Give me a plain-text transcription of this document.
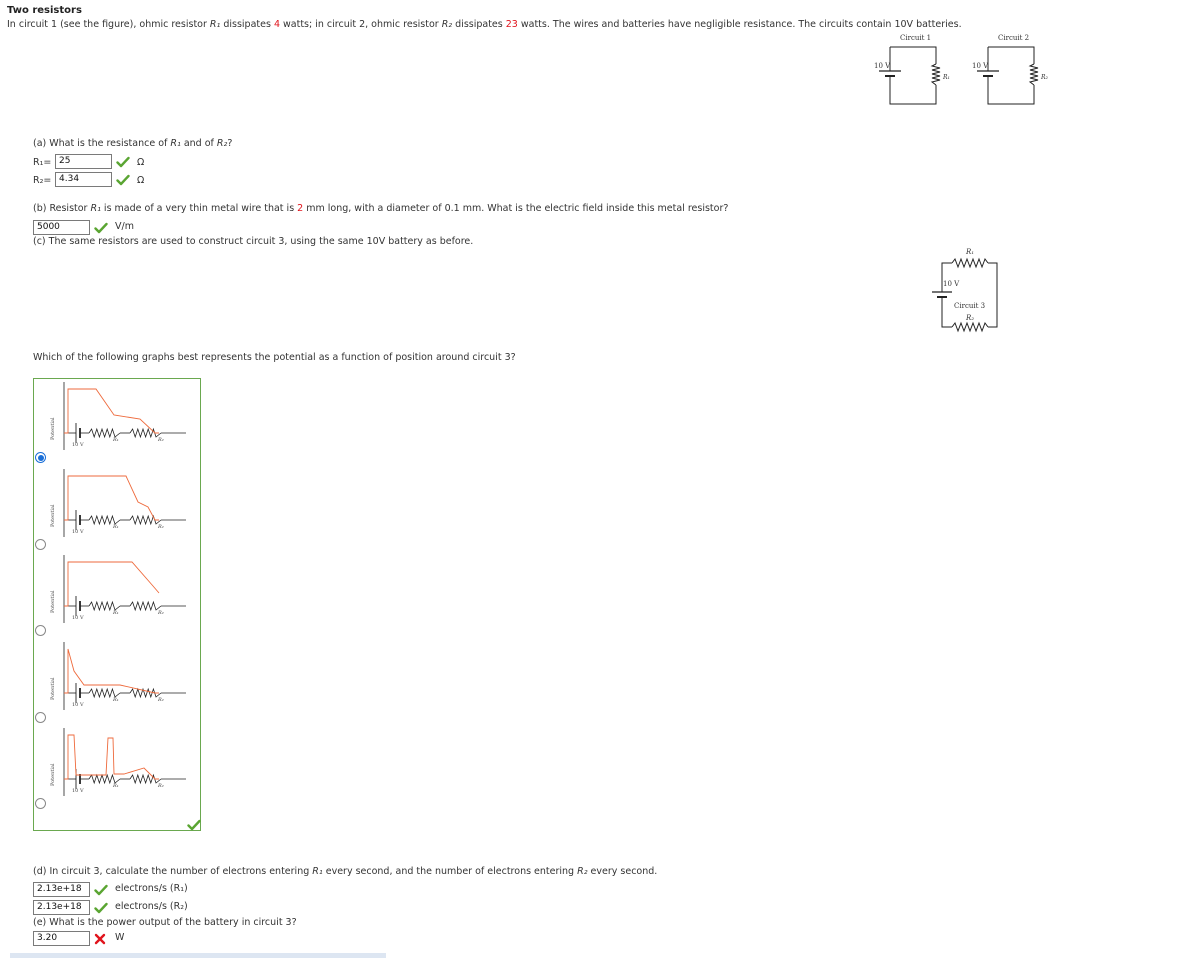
Two resistors
In circuit 1 (see the figure), ohmic resistor R₁ dissipates 4 watts; in circuit 2, ohmic resistor R₂ dissipates 23 watts. The wires and batteries have negligible resistance. The circuits contain 10V batteries.
Circuit 1
10 V
R₁
Circuit 2
10 V
R₂
(a) What is the resistance of R₁ and of R₂?
R₁= 25	Ω
R₂= 4.34	Ω
(b) Resistor R₁ is made of a very thin metal wire that is 2 mm long, with a diameter of 0.1 mm. What is the electric field inside this metal resistor?
5000	V/m
(c) The same resistors are used to construct circuit 3, using the same 10V battery as before.
R₁
R₂
Circuit 3
10 V
Which of the following graphs best represents the potential as a function of position around circuit 3?
Potential
10 V
R₁	R₂
Potential
10 V
R₁	R₂
Potential
10 V
R₁	R₂
Potential
10 V
R₁	R₂
Potential
10 V
R₁	R₂
(d) In circuit 3, calculate the number of electrons entering R₁ every second, and the number of electrons entering R₂ every second.
2.13e+18	electrons/s (R₁)
2.13e+18	electrons/s (R₂)
(e) What is the power output of the battery in circuit 3?
3.20	W
